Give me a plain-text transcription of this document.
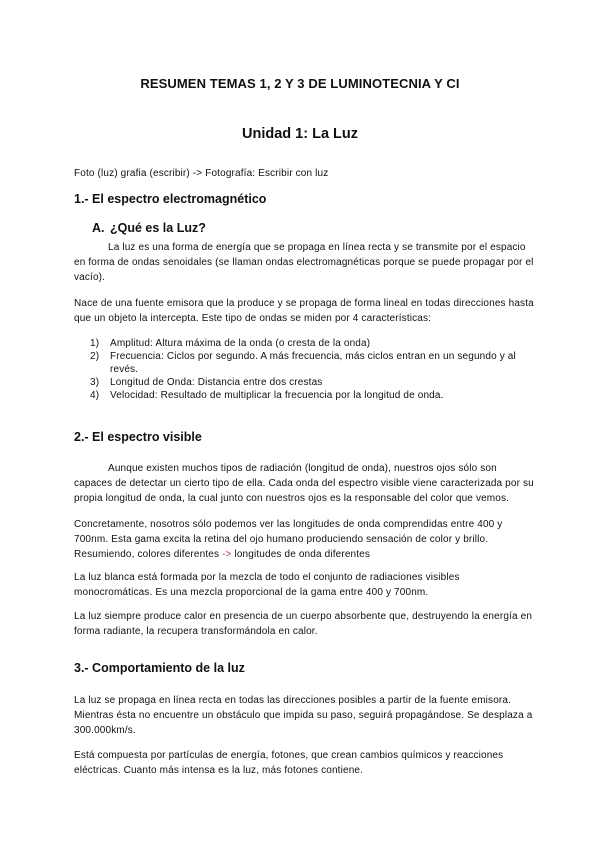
RESUMEN TEMAS 1, 2 Y 3 DE LUMINOTECNIA Y CI
Unidad 1: La Luz

Foto (luz) grafia (escribir) -> Fotografía: Escribir con luz

1.- El espectro electromagnético
A. ¿Qué es la Luz?

La luz es una forma de energía que se propaga en línea recta y se transmite por el espacio en forma de ondas senoidales (se llaman ondas electromagnéticas porque se puede propagar por el vacío).

Nace de una fuente emisora que la produce y se propaga de forma lineal en todas direcciones hasta que un objeto la intercepta. Este tipo de ondas se miden por 4 características:

1) Amplitud: Altura máxima de la onda (o cresta de la onda)
2) Frecuencia: Ciclos por segundo. A más frecuencia, más ciclos entran en un segundo y al revés.
3) Longitud de Onda: Distancia entre dos crestas
4) Velocidad: Resultado de multiplicar la frecuencia por la longitud de onda.
2.- El espectro visible

Aunque existen muchos tipos de radiación (longitud de onda), nuestros ojos sólo son capaces de detectar un cierto tipo de ella. Cada onda del espectro visible viene caracterizada por su propia longitud de onda, la cual junto con nuestros ojos es la responsable del color que vemos.

Concretamente, nosotros sólo podemos ver las longitudes de onda comprendidas entre 400 y 700nm. Esta gama excita la retina del ojo humano produciendo sensación de color y brillo. Resumiendo, colores diferentes -> longitudes de onda diferentes

La luz blanca está formada por la mezcla de todo el conjunto de radiaciones visibles monocromáticas. Es una mezcla proporcional de la gama entre 400 y 700nm.

La luz siempre produce calor en presencia de un cuerpo absorbente que, destruyendo la energía en forma radiante, la recupera transformándola en calor.

3.- Comportamiento de la luz

La luz se propaga en línea recta en todas las direcciones posibles a partir de la fuente emisora. Mientras ésta no encuentre un obstáculo que impida su paso, seguirá propagándose. Se desplaza a 300.000km/s.

Está compuesta por partículas de energía, fotones, que crean cambios químicos y reacciones eléctricas. Cuanto más intensa es la luz, más fotones contiene.
